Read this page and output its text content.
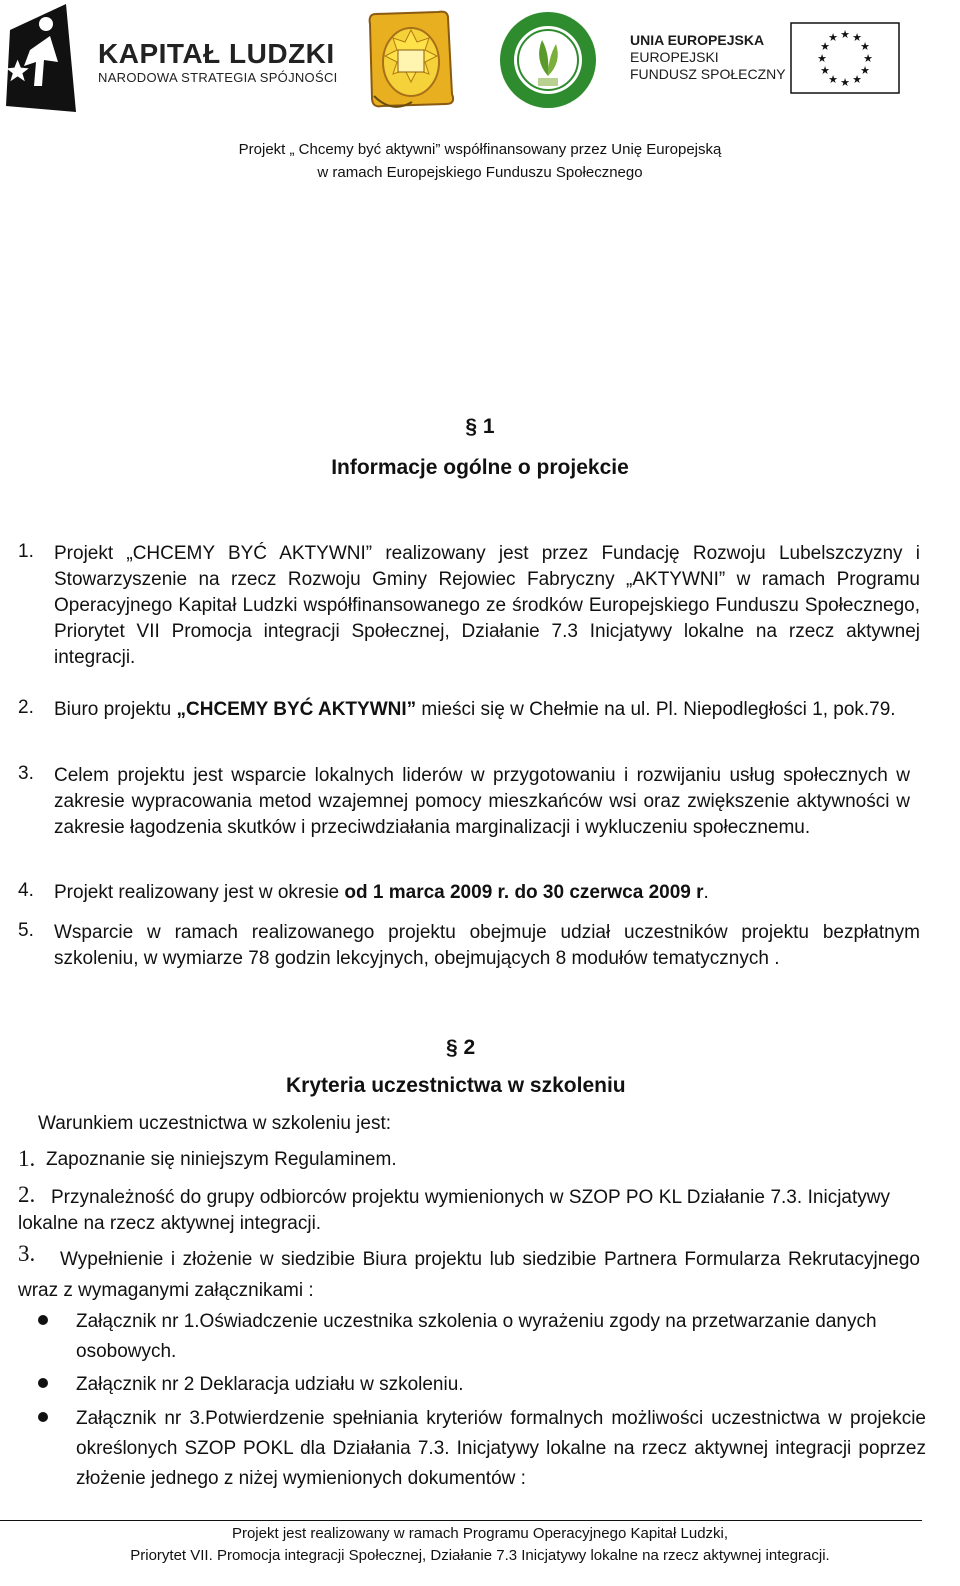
KAPITAŁ LUDZKI
NARODOWA STRATEGIA SPÓJNOŚCI
UNIA EUROPEJSKA
EUROPEJSKI
FUNDUSZ SPOŁECZNY
★ ★
★
★
★
★
★
★
★
★
★
★
Projekt „ Chcemy być aktywni” współfinansowany przez Unię Europejską
w ramach Europejskiego Funduszu Społecznego
§ 1
Informacje ogólne o projekcie
1. Projekt „CHCEMY BYĆ AKTYWNI” realizowany jest przez Fundację Rozwoju Lubelszczyzny i Stowarzyszenie na rzecz Rozwoju Gminy Rejowiec Fabryczny „AKTYWNI” w ramach Programu Operacyjnego Kapitał Ludzki współfinansowanego ze środków Europejskiego Funduszu Społecznego, Priorytet VII Promocja integracji Społecznej, Działanie 7.3 Inicjatywy lokalne na rzecz aktywnej integracji.
2. Biuro projektu „CHCEMY BYĆ AKTYWNI” mieści się w Chełmie na ul. Pl. Niepodległości 1, pok.79.
3. Celem projektu jest wsparcie lokalnych liderów w przygotowaniu i rozwijaniu usług społecznych w zakresie wypracowania metod wzajemnej pomocy mieszkańców wsi oraz zwiększenie aktywności w zakresie łagodzenia skutków i przeciwdziałania marginalizacji i wykluczeniu społecznemu.
4. Projekt realizowany jest w okresie od 1 marca 2009 r. do 30 czerwca 2009 r.
5. Wsparcie w ramach realizowanego projektu obejmuje udział uczestników projektu bezpłatnym szkoleniu, w wymiarze 78 godzin lekcyjnych, obejmujących 8 modułów tematycznych .
§ 2
Kryteria uczestnictwa w szkoleniu
Warunkiem uczestnictwa w szkoleniu jest:
1. Zapoznanie się niniejszym Regulaminem.
2. Przynależność do grupy odbiorców projektu wymienionych w SZOP PO KL Działanie 7.3. Inicjatywy lokalne na rzecz aktywnej integracji.
3.	Wypełnienie i złożenie w siedzibie Biura projektu lub siedzibie Partnera Formularza Rekrutacyjnego wraz z wymaganymi załącznikami :
Załącznik nr 1.Oświadczenie uczestnika szkolenia o wyrażeniu zgody na przetwarzanie danych osobowych.
Załącznik nr 2 Deklaracja udziału w szkoleniu.
Załącznik nr 3.Potwierdzenie spełniania kryteriów formalnych możliwości uczestnictwa w projekcie określonych SZOP POKL dla Działania 7.3. Inicjatywy lokalne na rzecz aktywnej integracji poprzez złożenie jednego z niżej wymienionych dokumentów :
Projekt jest realizowany w ramach Programu Operacyjnego Kapitał Ludzki,
Priorytet VII. Promocja integracji Społecznej, Działanie 7.3 Inicjatywy lokalne na rzecz aktywnej integracji.
